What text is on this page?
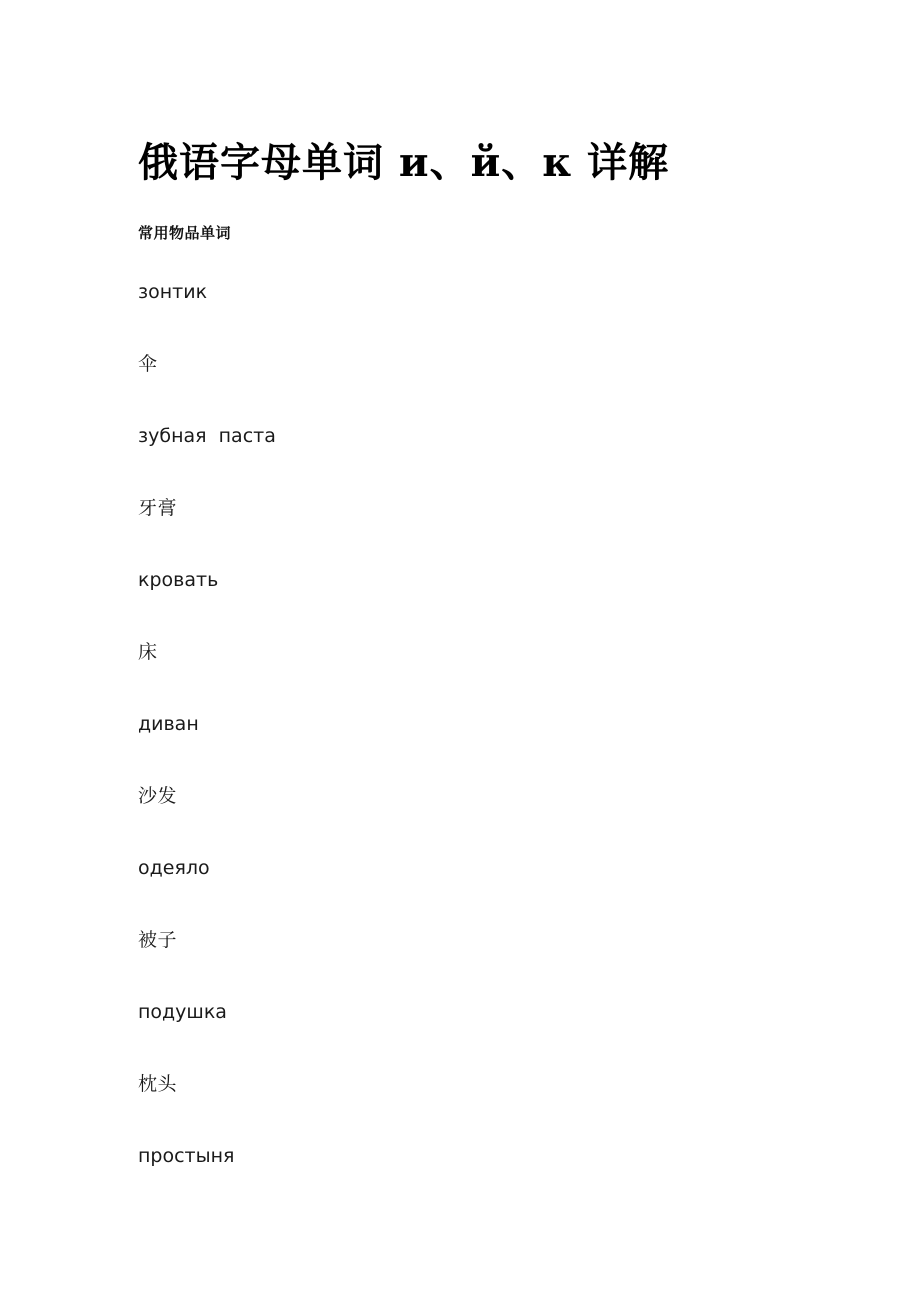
俄语字母单词 и、й、к 详解
常用物品单词
зонтик
伞
зубная  паста
牙膏
кровать
床
диван
沙发
одеяло
被子
подушка
枕头
простыня
